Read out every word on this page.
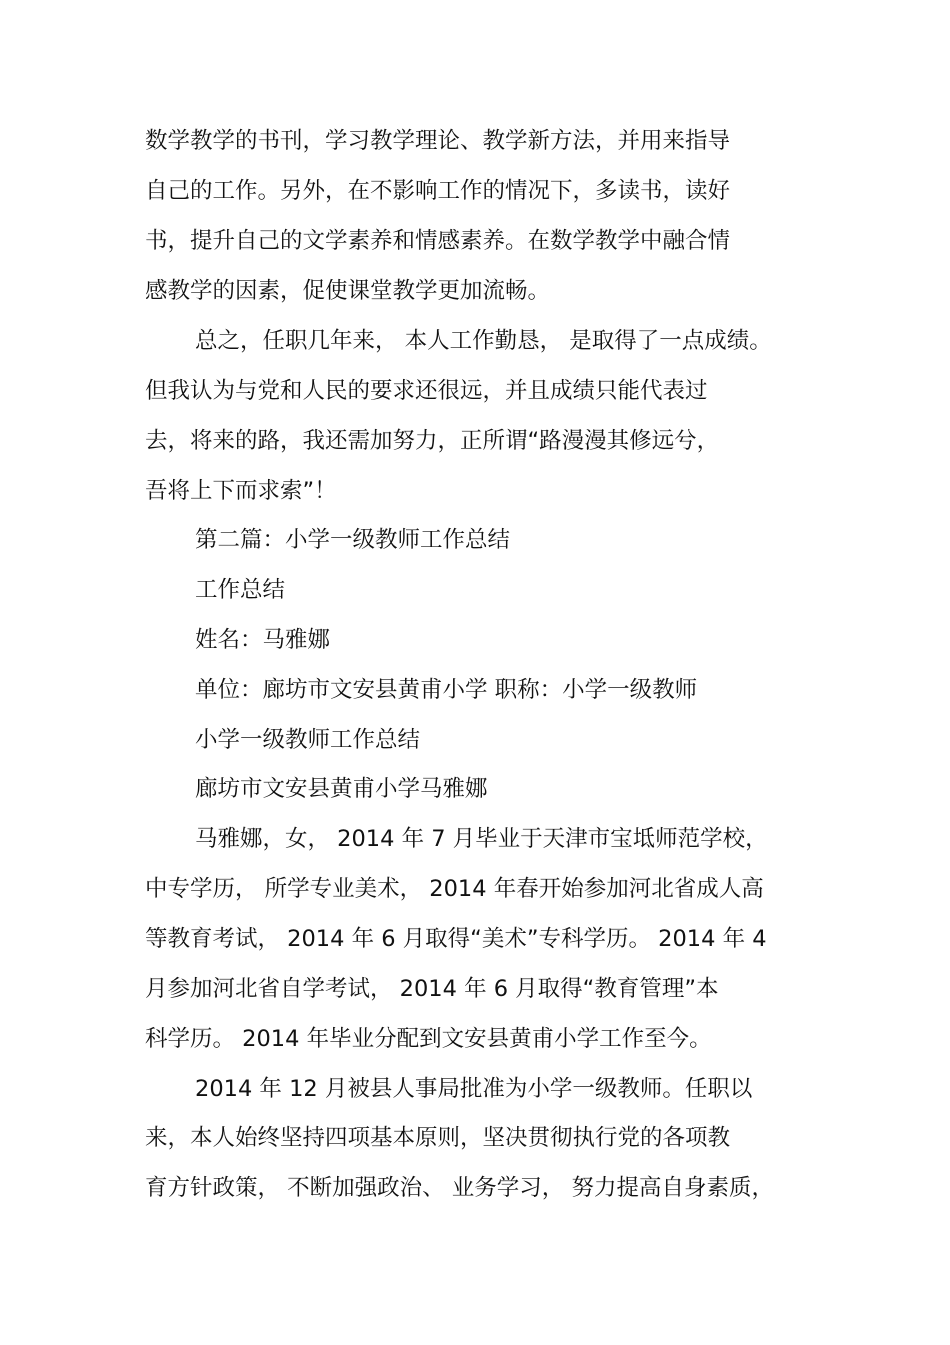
数学教学的书刊，学习教学理论、教学新方法，并用来指导
自己的工作。另外，在不影响工作的情况下，多读书，读好
书，提升自己的文学素养和情感素养。在数学教学中融合情
感教学的因素，促使课堂教学更加流畅。
总之，任职几年来， 本人工作勤恳， 是取得了一点成绩。
但我认为与党和人民的要求还很远，并且成绩只能代表过
去，将来的路，我还需加努力，正所谓“路漫漫其修远兮，
吾将上下而求索”！
第二篇：小学一级教师工作总结
工作总结
姓名：马雅娜
单位：廊坊市文安县黄甫小学 职称：小学一级教师
小学一级教师工作总结
廊坊市文安县黄甫小学马雅娜
马雅娜，女， 2014 年 7 月毕业于天津市宝坻师范学校，
中专学历， 所学专业美术， 2014 年春开始参加河北省成人高
等教育考试， 2014 年 6 月取得“美术”专科学历。 2014 年 4
月参加河北省自学考试， 2014 年 6 月取得“教育管理”本
科学历。 2014 年毕业分配到文安县黄甫小学工作至今。
2014 年 12 月被县人事局批准为小学一级教师。任职以
来，本人始终坚持四项基本原则，坚决贯彻执行党的各项教
育方针政策， 不断加强政治、 业务学习， 努力提高自身素质，
